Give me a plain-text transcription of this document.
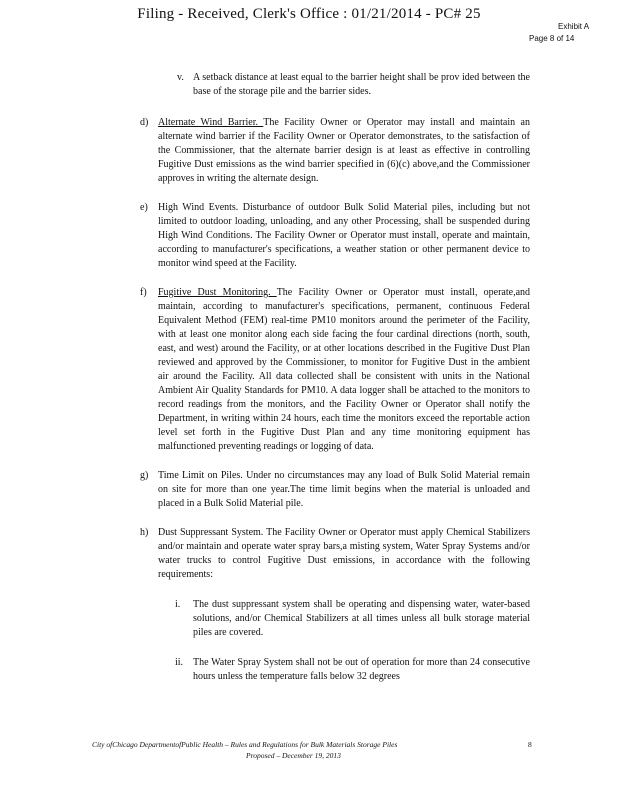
Filing - Received, Clerk's Office : 01/21/2014 - PC# 25
Exhibit A
Page 8 of 14
v. A setback distance at least equal to the barrier height shall be prov ided between the base of the storage pile and the barrier sides.
d) Alternate Wind Barrier. The Facility Owner or Operator may install and maintain an alternate wind barrier if the Facility Owner or Operator demonstrates, to the satisfaction of the Commissioner, that the alternate barrier design is at least as effective in controlling Fugitive Dust emissions as the wind barrier specified in (6)(c) above,and the Commissioner approves in writing the alternate design.
e)	High Wind Events. Disturbance of outdoor Bulk Solid Material piles, including but not limited to outdoor loading, unloading, and any other Processing, shall be suspended during High Wind Conditions. The Facility Owner or Operator must install, operate and maintain, according to manufacturer's specifications, a weather station or other permanent device to monitor wind speed at the Facility.
f)	Fugitive Dust Monitoring. The Facility Owner or Operator must install, operate,and maintain, according to manufacturer's specifications, permanent, continuous Federal Equivalent Method (FEM) real-time PM10 monitors around the perimeter of the Facility, with at least one monitor along each side facing the four cardinal directions (north, south, east, and west) around the Facility, or at other locations described in the Fugitive Dust Plan reviewed and approved by the Commissioner, to monitor for Fugitive Dust in the ambient air around the Facility. All data collected shall be consistent with units in the National Ambient Air Quality Standards for PM10. A data logger shall be attached to the monitors to record readings from the monitors, and the Facility Owner or Operator shall notify the Department, in writing within 24 hours, each time the monitors exceed the reportable action level set forth in the Fugitive Dust Plan and any time monitoring equipment has malfunctioned preventing readings or logging of data.
g) Time Limit on Piles. Under no circumstances may any load of Bulk Solid Material remain on site for more than one year.The time limit begins when the material is unloaded and placed in a Bulk Solid Material pile.
h) Dust Suppressant System. The Facility Owner or Operator must apply Chemical Stabilizers and/or maintain and operate water spray bars,a misting system, Water Spray Systems and/or water trucks to control Fugitive Dust emissions, in accordance with the following requirements:
i.	The dust suppressant system shall be operating and dispensing water, water-based solutions, and/or Chemical Stabilizers at all times unless all bulk storage material piles are covered.
ii. The Water Spray System shall not be out of operation for more than 24 consecutive hours unless the temperature falls below 32 degrees
City ofChicago DepartmentofPublic Health – Rules and Regulations for Bulk Materials Storage Piles	8
Proposed – December 19, 2013
